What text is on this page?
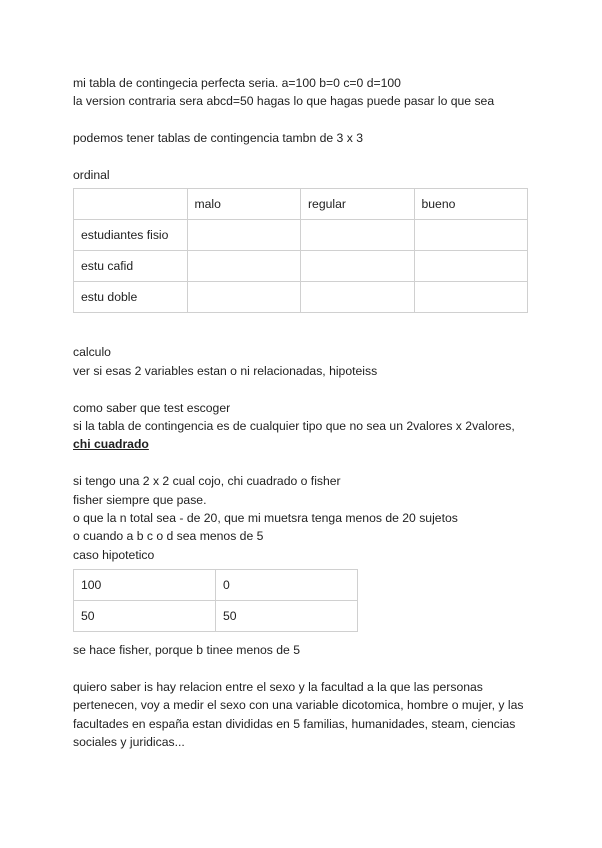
mi tabla de contingecia perfecta seria. a=100 b=0 c=0 d=100

la version contraria sera abcd=50 hagas lo que hagas puede pasar lo que sea

podemos tener tablas de contingencia tambn de 3 x 3

ordinal

	malo	regular	bueno
estudiantes fisio			
estu cafid			
estu doble			

calculo

ver si esas 2 variables estan o ni relacionadas, hipoteiss

como saber que test escoger

si la tabla de contingencia es de cualquier tipo que no sea un 2valores x 2valores,

chi cuadrado

si tengo una 2 x 2 cual cojo, chi cuadrado o fisher

fisher siempre que pase.

o que la n total sea - de 20, que mi muetsra tenga menos de 20 sujetos

o cuando a b c o d sea menos de 5

caso hipotetico

100	0
50	50

se hace fisher, porque b tinee menos de 5

quiero saber is hay relacion entre el sexo y la facultad a la que las personas

pertenecen, voy a medir el sexo con una variable dicotomica, hombre o mujer, y las

facultades en españa estan divididas en 5 familias, humanidades, steam, ciencias

sociales y juridicas...
